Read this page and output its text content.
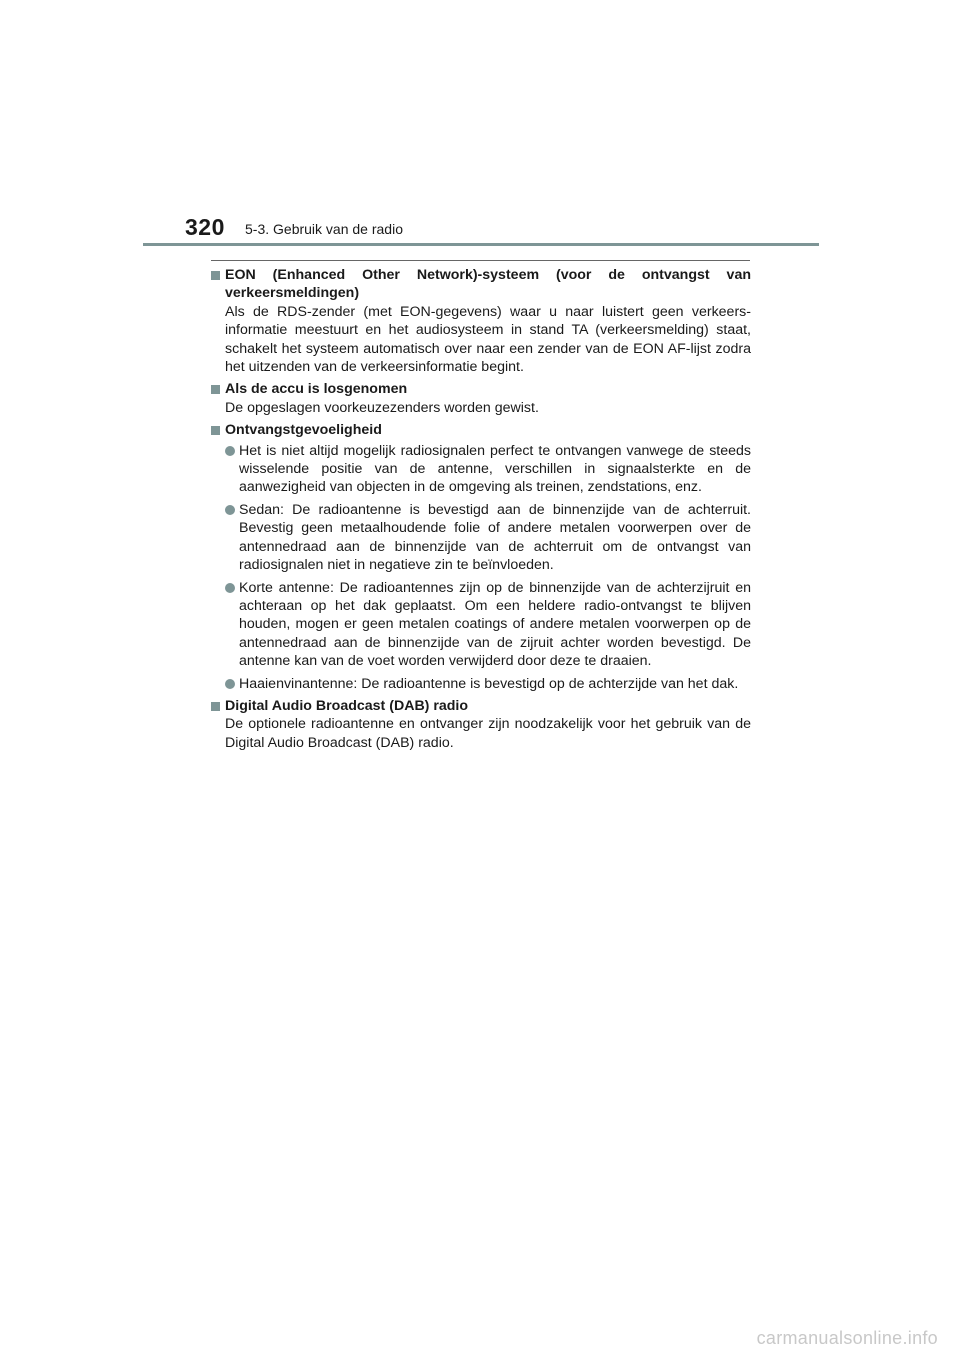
320 5-3. Gebruik van de radio
EON (Enhanced Other Network)-systeem (voor de ontvangst van verkeersmeldingen)
Als de RDS-zender (met EON-gegevens) waar u naar luistert geen verkeersinformatie meestuurt en het audiosysteem in stand TA (verkeersmelding) staat, schakelt het systeem automatisch over naar een zender van de EON AF-lijst zodra het uitzenden van de verkeersinformatie begint.
Als de accu is losgenomen
De opgeslagen voorkeuzezenders worden gewist.
Ontvangstgevoeligheid
Het is niet altijd mogelijk radiosignalen perfect te ontvangen vanwege de steeds wisselende positie van de antenne, verschillen in signaalsterkte en de aanwezigheid van objecten in de omgeving als treinen, zendstations, enz.
Sedan: De radioantenne is bevestigd aan de binnenzijde van de achterruit. Bevestig geen metaalhoudende folie of andere metalen voorwerpen over de antennedraad aan de binnenzijde van de achterruit om de ontvangst van radiosignalen niet in negatieve zin te beïnvloeden.
Korte antenne: De radioantennes zijn op de binnenzijde van de achterzijruit en achteraan op het dak geplaatst. Om een heldere radio-ontvangst te blijven houden, mogen er geen metalen coatings of andere metalen voorwerpen op de antennedraad aan de binnenzijde van de zijruit achter worden bevestigd. De antenne kan van de voet worden verwijderd door deze te draaien.
Haaienvinantenne: De radioantenne is bevestigd op de achterzijde van het dak.
Digital Audio Broadcast (DAB) radio
De optionele radioantenne en ontvanger zijn noodzakelijk voor het gebruik van de Digital Audio Broadcast (DAB) radio.
carmanualsonline.info
